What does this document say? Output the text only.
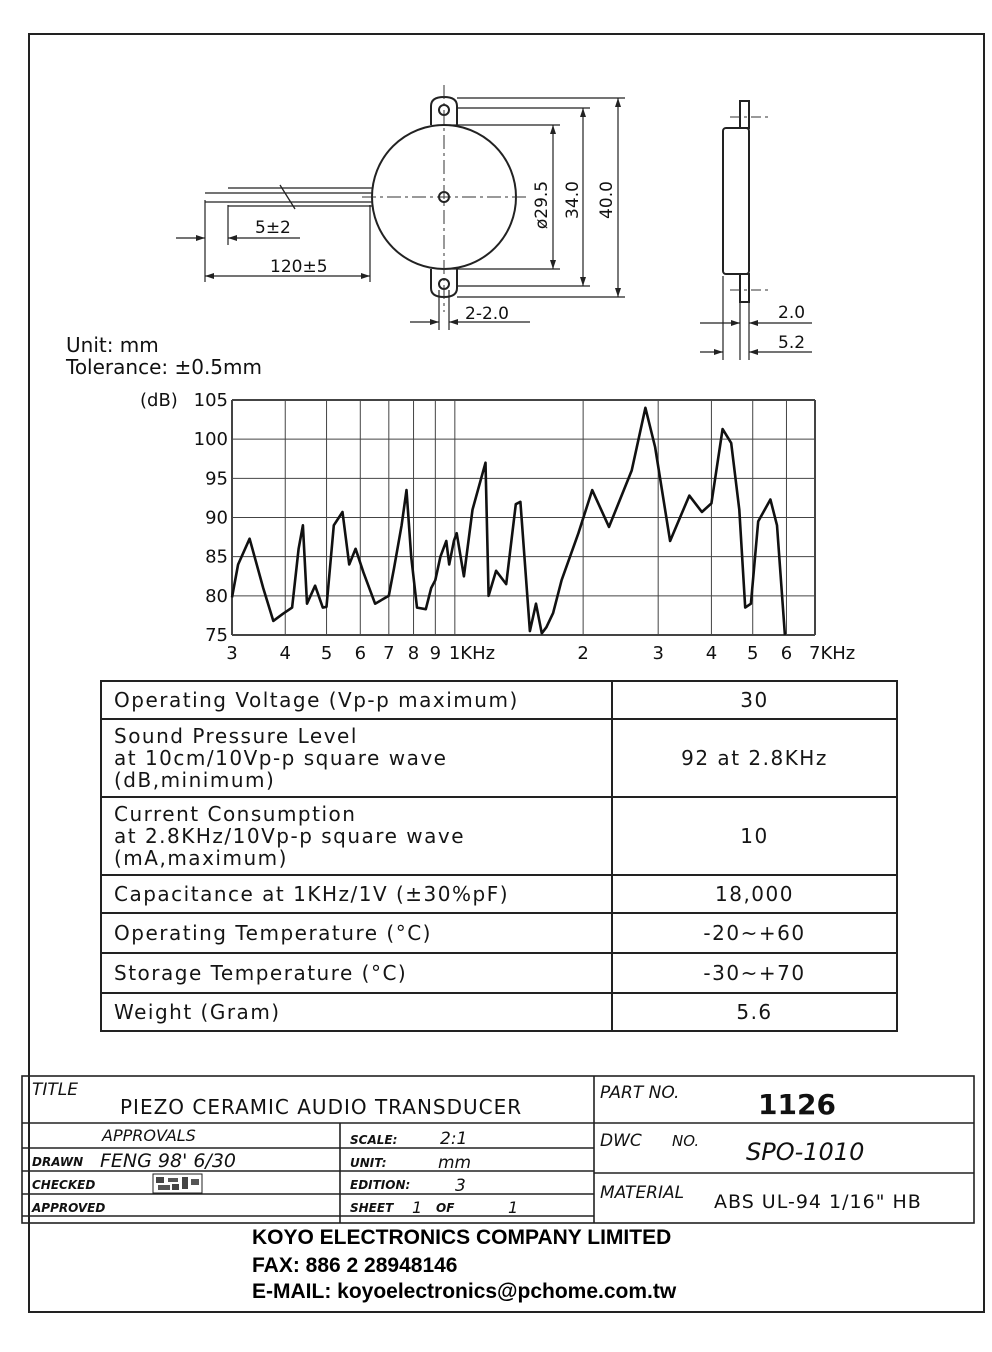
5±2
120±5
2-2.0
ø29.5 34.0 40.0
2.0
5.2
Unit: mm
Tolerance: ±0.5mm
3 4 5 6 7 8 9 1KHz	2	3 4 5 6 7KHz
75
80
85
90
95
100
105
(dB)
Operating Voltage (Vp-p maximum)	30

Sound Pressure Level
at 10cm/10Vp-p square wave
(dB,minimum)	92 at 2.8KHz

Current Consumption
at 2.8KHz/10Vp-p square wave
(mA,maximum)	10

Capacitance at 1KHz/1V (±30%pF)	18,000

Operating Temperature (°C)	-20~+60

Storage Temperature (°C)	-30~+70

Weight (Gram)	5.6
TITLE
PIEZO CERAMIC AUDIO TRANSDUCER
PART NO.	1126
APPROVALS	SCALE:	2:1	DWC NO. SPO-1010
DRAWN FENG 98' 6/30	UNIT:	mm
CHECKED	EDITION:	3	MATERIAL ABS UL-94 1/16" HB
APPROVED	SHEET 1 OF	1
KOYO ELECTRONICS COMPANY LIMITED
FAX: 886 2 28948146
E-MAIL: koyoelectronics@pchome.com.tw
